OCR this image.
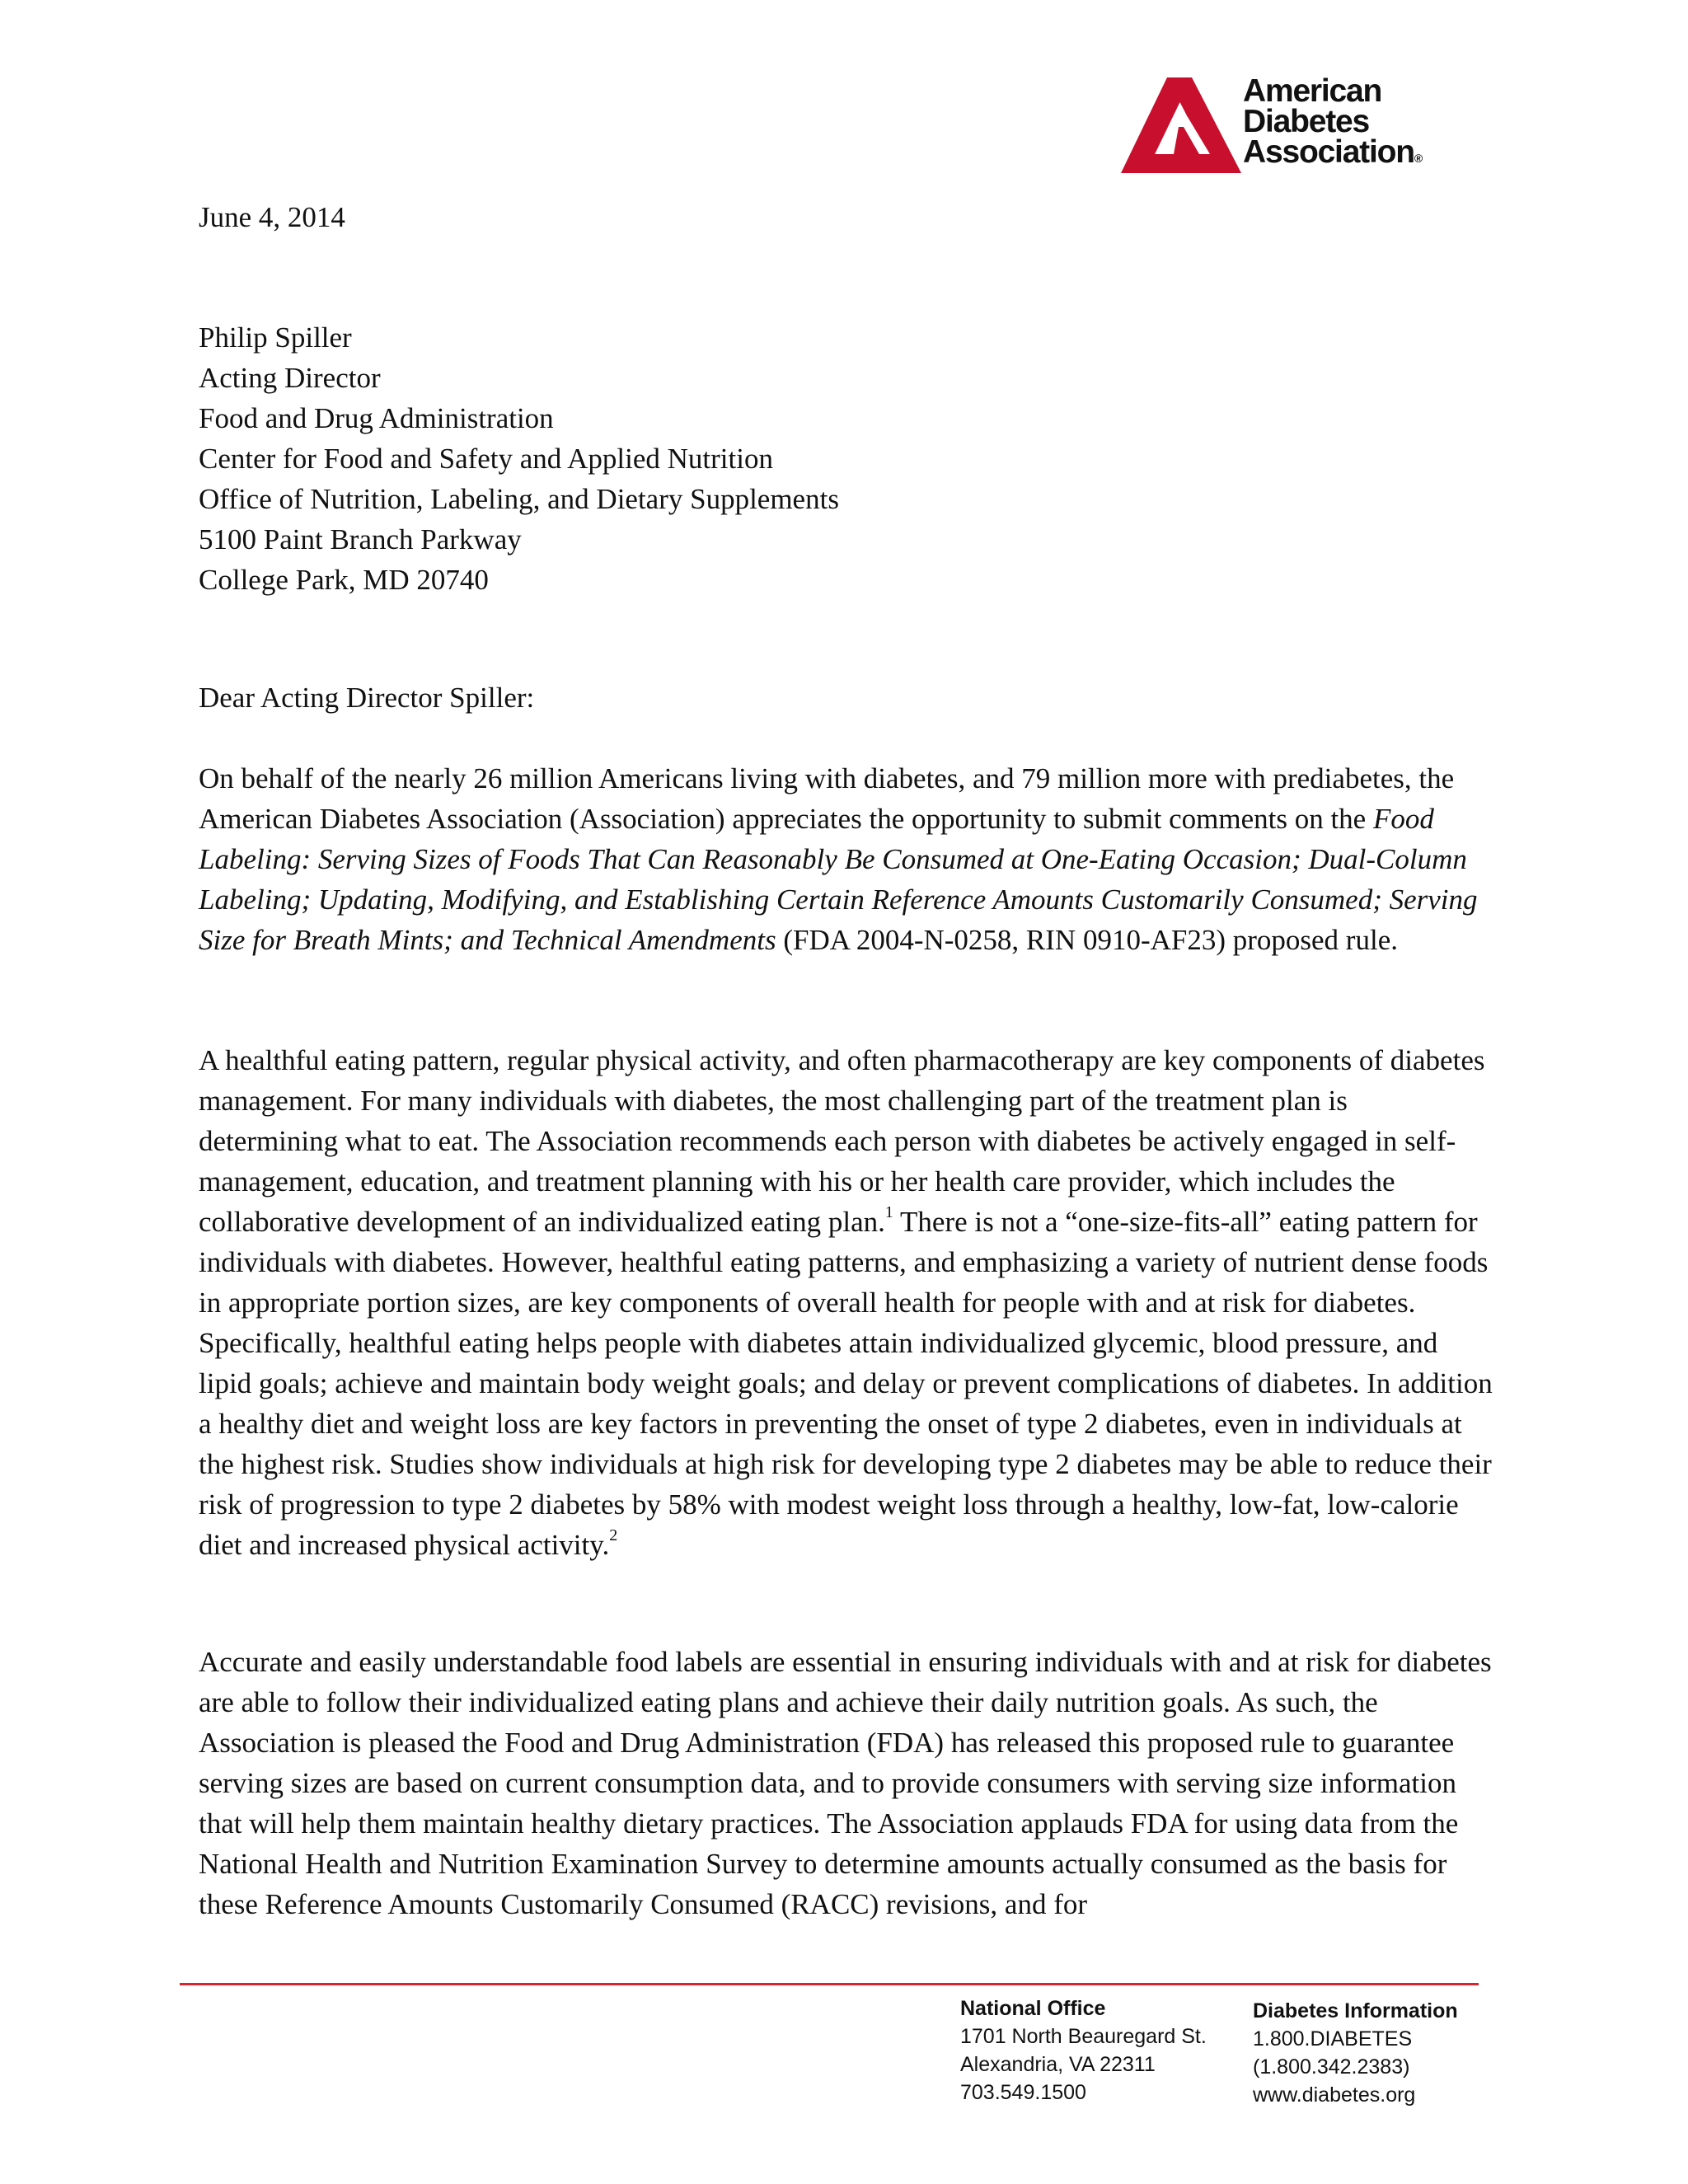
American
Diabetes
Association®
June 4, 2014
Philip Spiller
Acting Director
Food and Drug Administration
Center for Food and Safety and Applied Nutrition
Office of Nutrition, Labeling, and Dietary Supplements
5100 Paint Branch Parkway
College Park, MD 20740
Dear Acting Director Spiller:

On behalf of the nearly 26 million Americans living with diabetes, and 79 million more with prediabetes, the American Diabetes Association (Association) appreciates the opportunity to submit comments on the Food Labeling: Serving Sizes of Foods That Can Reasonably Be Consumed at One-Eating Occasion; Dual-Column Labeling; Updating, Modifying, and Establishing Certain Reference Amounts Customarily Consumed; Serving Size for Breath Mints; and Technical Amendments (FDA 2004-N-0258, RIN 0910-AF23) proposed rule.

A healthful eating pattern, regular physical activity, and often pharmacotherapy are key components of diabetes management. For many individuals with diabetes, the most challenging part of the treatment plan is determining what to eat. The Association recommends each person with diabetes be actively engaged in self-management, education, and treatment planning with his or her health care provider, which includes the collaborative development of an individualized eating plan.$^1$ There is not a “one-size-fits-all” eating pattern for individuals with diabetes. However, healthful eating patterns, and emphasizing a variety of nutrient dense foods in appropriate portion sizes, are key components of overall health for people with and at risk for diabetes. Specifically, healthful eating helps people with diabetes attain individualized glycemic, blood pressure, and lipid goals; achieve and maintain body weight goals; and delay or prevent complications of diabetes. In addition a healthy diet and weight loss are key factors in preventing the onset of type 2 diabetes, even in individuals at the highest risk. Studies show individuals at high risk for developing type 2 diabetes may be able to reduce their risk of progression to type 2 diabetes by 58% with modest weight loss through a healthy, low-fat, low-calorie diet and increased physical activity.$^2$

Accurate and easily understandable food labels are essential in ensuring individuals with and at risk for diabetes are able to follow their individualized eating plans and achieve their daily nutrition goals. As such, the Association is pleased the Food and Drug Administration (FDA) has released this proposed rule to guarantee serving sizes are based on current consumption data, and to provide consumers with serving size information that will help them maintain healthy dietary practices. The Association applauds FDA for using data from the National Health and Nutrition Examination Survey to determine amounts actually consumed as the basis for these Reference Amounts Customarily Consumed (RACC) revisions, and for

National Office
1701 North Beauregard St.
Alexandria, VA 22311
703.549.1500
Diabetes Information
1.800.DIABETES
(1.800.342.2383)
www.diabetes.org
